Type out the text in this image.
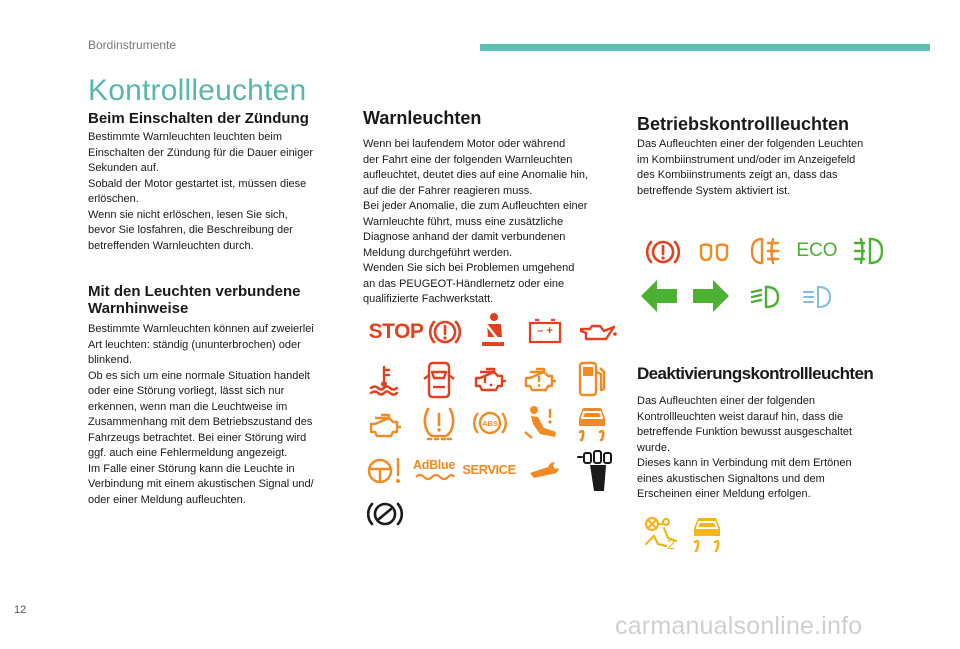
Bordinstrumente
Kontrollleuchten
Beim Einschalten der Zündung

Bestimmte Warnleuchten leuchten beim
Einschalten der Zündung für die Dauer einiger
Sekunden auf.
Sobald der Motor gestartet ist, müssen diese
erlöschen.
Wenn sie nicht erlöschen, lesen Sie sich,
bevor Sie losfahren, die Beschreibung der
betreffenden Warnleuchten durch.

Mit den Leuchten verbundene
Warnhinweise

Bestimmte Warnleuchten können auf zweierlei
Art leuchten: ständig (ununterbrochen) oder
blinkend.
Ob es sich um eine normale Situation handelt
oder eine Störung vorliegt, lässt sich nur
erkennen, wenn man die Leuchtweise im
Zusammenhang mit dem Betriebszustand des
Fahrzeugs betrachtet. Bei einer Störung wird
ggf. auch eine Fehlermeldung angezeigt.
Im Falle einer Störung kann die Leuchte in
Verbindung mit einem akustischen Signal und/
oder einer Meldung aufleuchten.

Warnleuchten

Wenn bei laufendem Motor oder während
der Fahrt eine der folgenden Warnleuchten
aufleuchtet, deutet dies auf eine Anomalie hin,
auf die der Fahrer reagieren muss.
Bei jeder Anomalie, die zum Aufleuchten einer
Warnleuchte führt, muss eine zusätzliche
Diagnose anhand der damit verbundenen
Meldung durchgeführt werden.
Wenden Sie sich bei Problemen umgehend
an das PEUGEOT-Händlernetz oder eine
qualifizierte Fachwerkstatt.

Betriebskontrollleuchten

Das Aufleuchten einer der folgenden Leuchten
im Kombiinstrument und/oder im Anzeigefeld
des Kombiinstruments zeigt an, dass das
betreffende System aktiviert ist.

Deaktivierungskontrollleuchten

Das Aufleuchten einer der folgenden
Kontrollleuchten weist darauf hin, dass die
betreffende Funktion bewusst ausgeschaltet
wurde.
Dieses kann in Verbindung mit dem Ertönen
eines akustischen Signaltons und dem
Erscheinen einer Meldung erfolgen.

STOP	– +
ABS
AdBlue SERVICE
ECO
2
12
carmanualsonline.info
